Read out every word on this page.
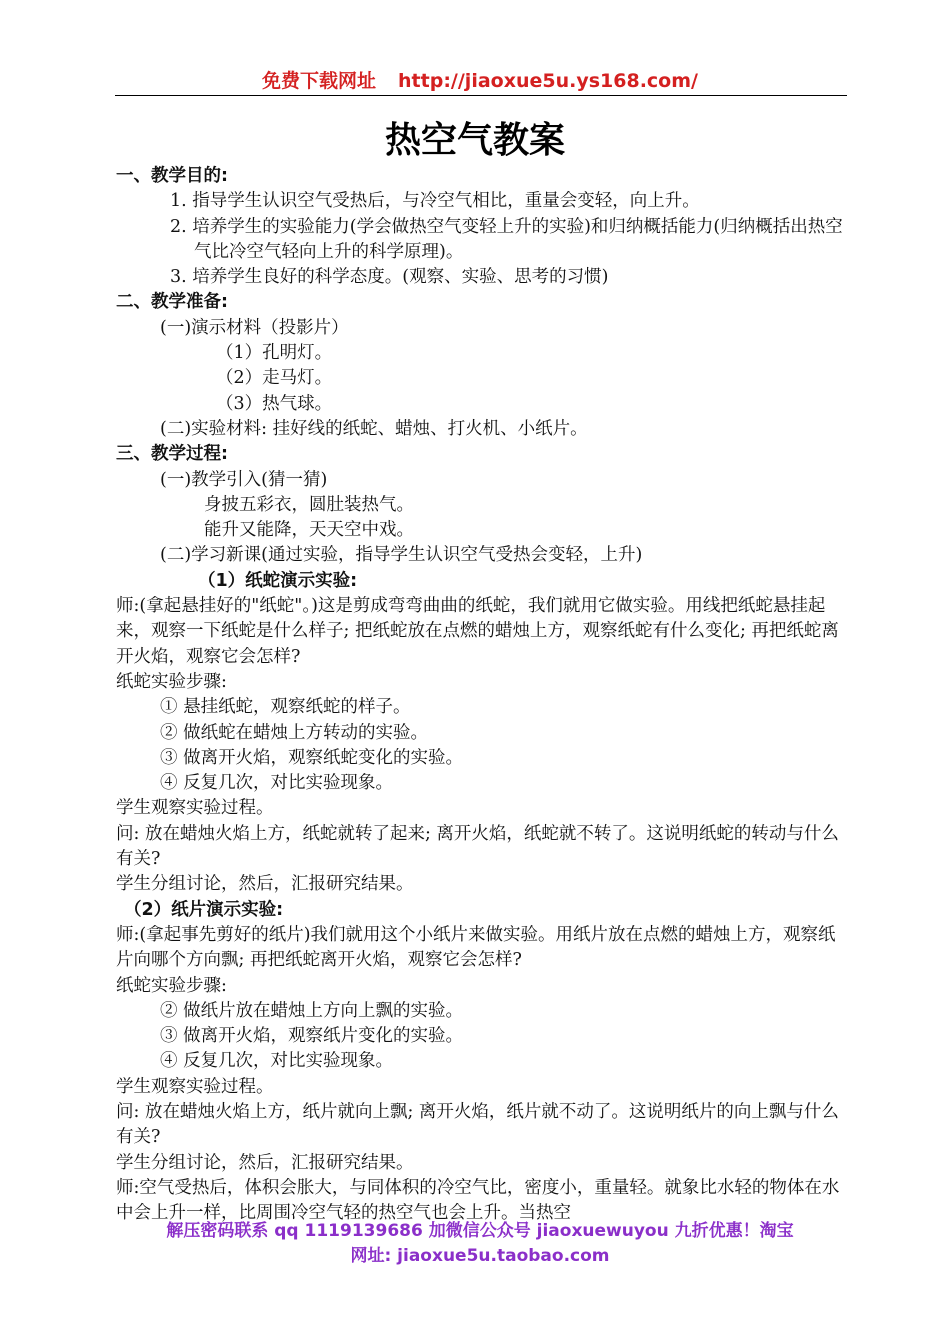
免费下载网址 http://jiaoxue5u.ys168.com/
热空气教案
一、教学目的:
1. 指导学生认识空气受热后，与冷空气相比，重量会变轻，向上升。
2. 培养学生的实验能力(学会做热空气变轻上升的实验)和归纳概括能力(归纳概括出热空气比冷空气轻向上升的科学原理)。
3. 培养学生良好的科学态度。(观察、实验、思考的习惯)
二、教学准备:
(一)演示材料（投影片）
（1）孔明灯。
（2）走马灯。
（3）热气球。
(二)实验材料: 挂好线的纸蛇、蜡烛、打火机、小纸片。
三、教学过程:
(一)教学引入(猜一猜)
身披五彩衣，圆肚装热气。
能升又能降，天天空中戏。
(二)学习新课(通过实验，指导学生认识空气受热会变轻，上升)
（1）纸蛇演示实验:
师:(拿起悬挂好的"纸蛇"。)这是剪成弯弯曲曲的纸蛇，我们就用它做实验。用线把纸蛇悬挂起来，观察一下纸蛇是什么样子; 把纸蛇放在点燃的蜡烛上方，观察纸蛇有什么变化; 再把纸蛇离开火焰，观察它会怎样?
纸蛇实验步骤:
① 悬挂纸蛇，观察纸蛇的样子。
② 做纸蛇在蜡烛上方转动的实验。
③ 做离开火焰，观察纸蛇变化的实验。
④ 反复几次，对比实验现象。
学生观察实验过程。
问: 放在蜡烛火焰上方，纸蛇就转了起来; 离开火焰，纸蛇就不转了。这说明纸蛇的转动与什么有关?
学生分组讨论，然后，汇报研究结果。
（2）纸片演示实验:
师:(拿起事先剪好的纸片)我们就用这个小纸片来做实验。用纸片放在点燃的蜡烛上方，观察纸片向哪个方向飘; 再把纸蛇离开火焰，观察它会怎样?
纸蛇实验步骤:
② 做纸片放在蜡烛上方向上飘的实验。
③ 做离开火焰，观察纸片变化的实验。
④ 反复几次，对比实验现象。
学生观察实验过程。
问: 放在蜡烛火焰上方，纸片就向上飘; 离开火焰，纸片就不动了。这说明纸片的向上飘与什么有关?
学生分组讨论，然后，汇报研究结果。
师:空气受热后，体积会胀大，与同体积的冷空气比，密度小，重量轻。就象比水轻的物体在水中会上升一样，比周围冷空气轻的热空气也会上升。当热空
解压密码联系 qq 1119139686 加微信公众号 jiaoxuewuyou 九折优惠！淘宝
网址: jiaoxue5u.taobao.com
